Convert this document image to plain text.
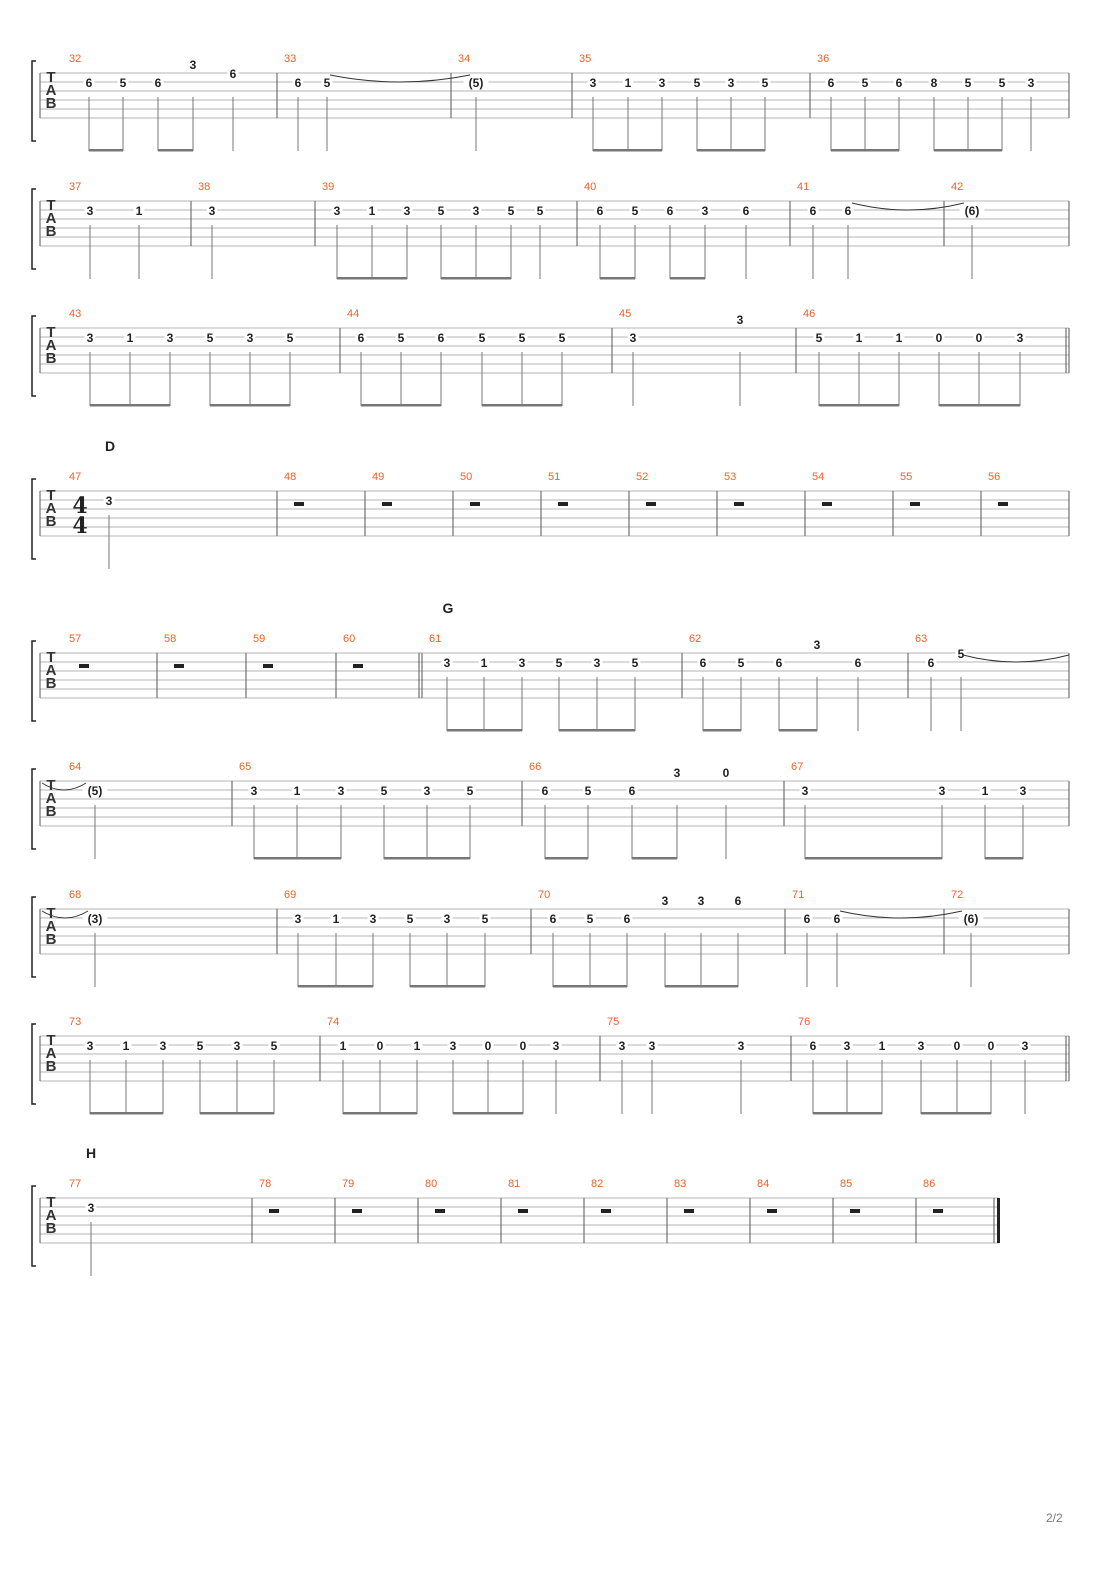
T
A
B
32
6 5 6
3
6
33
6 5
34
(5)
35
3 1 3 5 3 5
36
6 5 6 8 5 5 3
T
A
B
37
3	1
38
3
39
3 1 3 5 3 5 5
40
6 5 6 3	6
41
6 6
42
(6)
T
A
B
43
3	1	3	5	3	5
44
6	5	6	5	5	5
45
3
3	46
5	1	1	0	0	3
T
A
B
4
4
47
3
48	49	50	51	52	53	54	55	56
T
A
B
57	58	59	60	61
3	1	3	5	3	5
62
6	5	6
3
6
63
6
5
T
A
B
64
(5)
65
3	1	3	5	3	5
66
6	5	6
3	0	67
3	3	1	3
T
A
B
68
(3)
69
3	1	3	5	3	5
70
6	5	6
3 3	6	71
6 6
72
(6)
T
A
B
73
3 1	3	5	3	5
74
1	0	1 3 0 0 3
75
3 3	3
76
6 3 1	3 0 0 3
T
A
B
77
3
78	79	80	81	82	83	84	85	86
D
G
H
2/2
